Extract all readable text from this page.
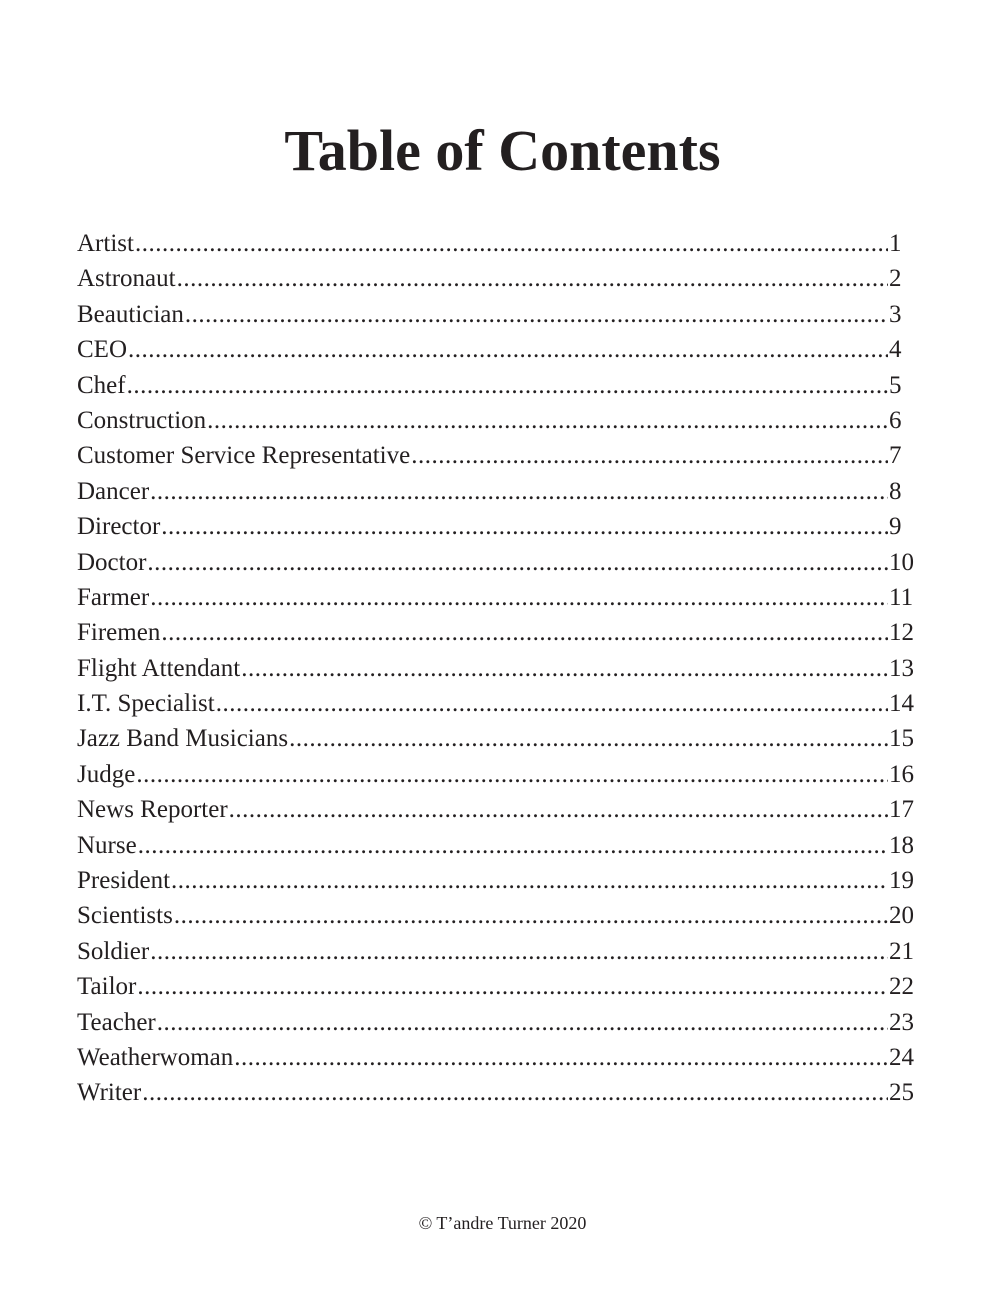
Table of Contents
Artist .....	1
Astronaut .....	2
Beautician .....	3
CEO .....	4
Chef .....	5
Construction .....	6
Customer Service Representative .....	7
Dancer .....	8
Director .....	9
Doctor .....	10
Farmer .....	11
Firemen .....	12
Flight Attendant .....	13
I.T. Specialist .....	14
Jazz Band Musicians .....	15
Judge .....	16
News Reporter .....	17
Nurse .....	18
President .....	19
Scientists .....	20
Soldier .....	21
Tailor .....	22
Teacher .....	23
Weatherwoman .....	24
Writer .....	25
© T’andre Turner 2020
